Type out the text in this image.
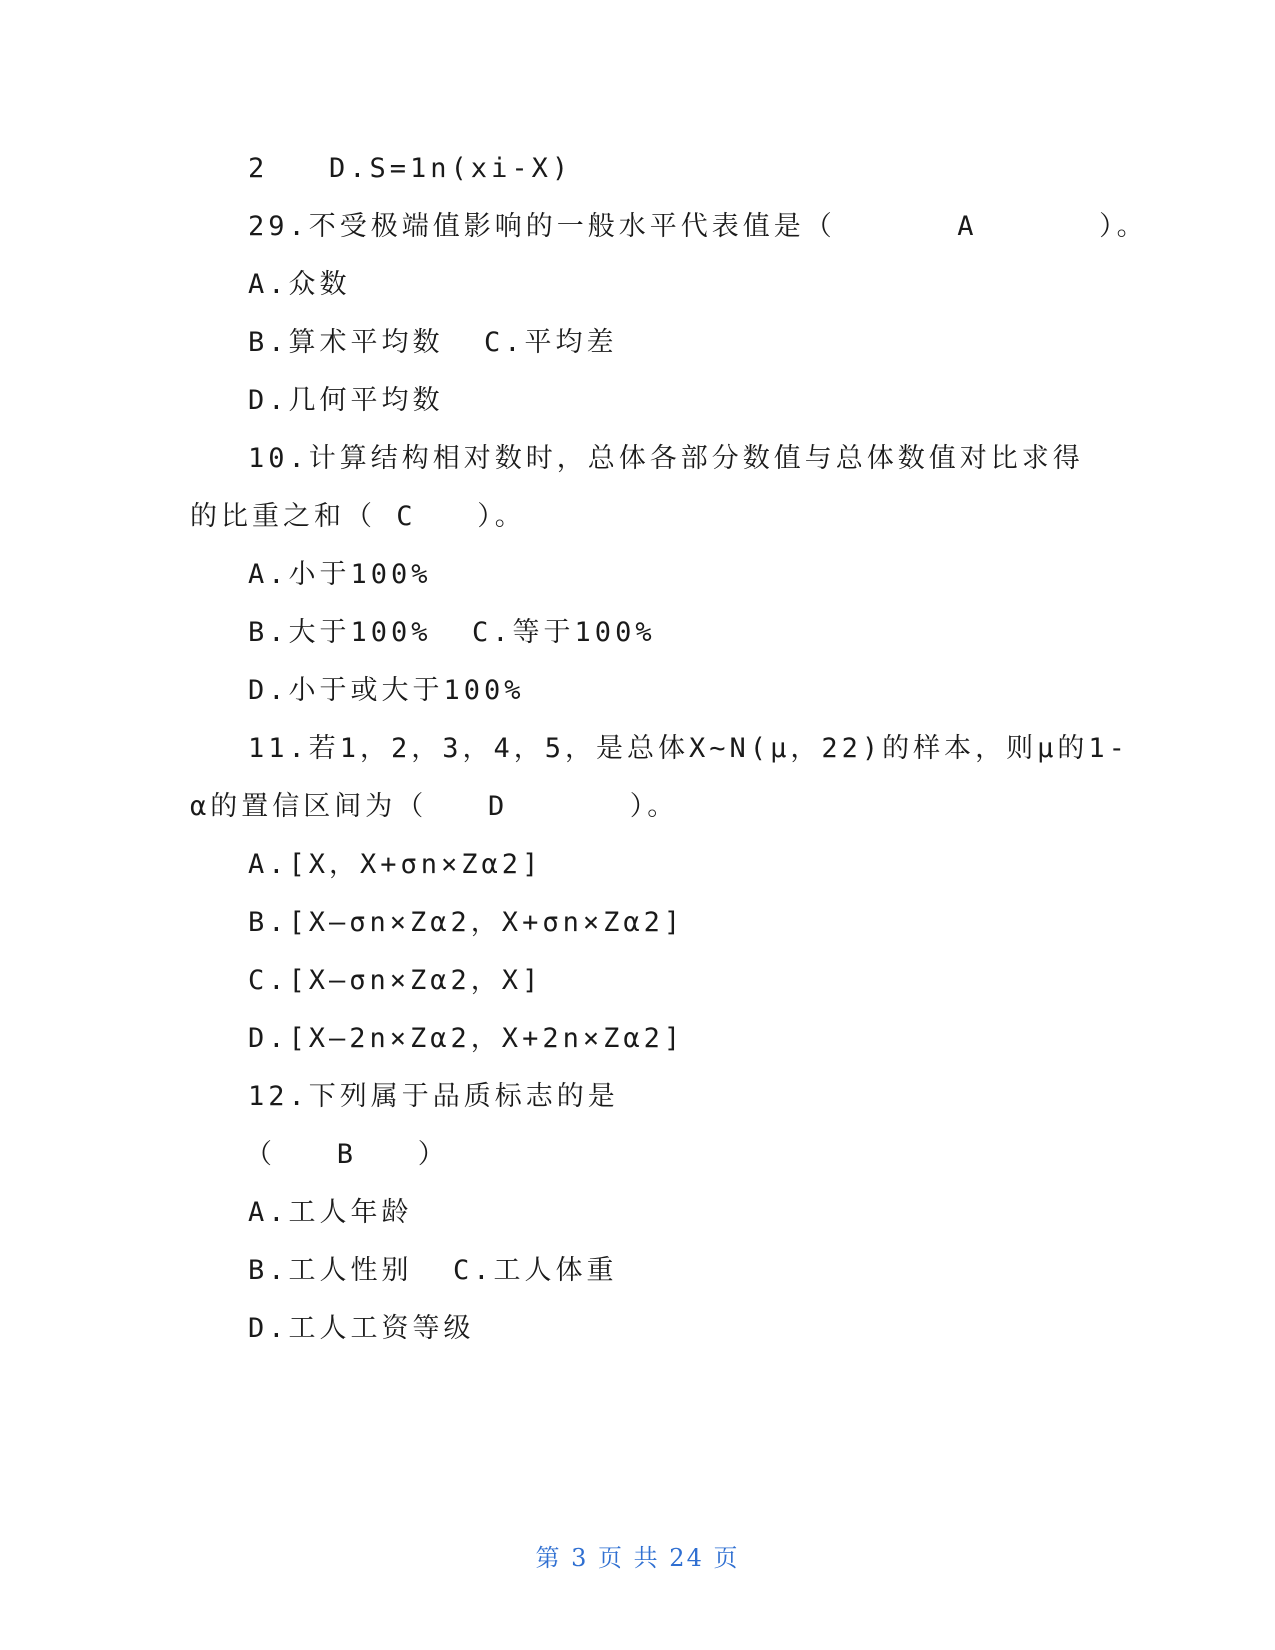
2   D.S=1n(xi-X)
29.不受极端值影响的一般水平代表值是（      A      ）。
A.众数
B.算术平均数  C.平均差
D.几何平均数
10.计算结构相对数时，总体各部分数值与总体数值对比求得
的比重之和（ C   ）。
A.小于100%
B.大于100%  C.等于100%
D.小于或大于100%
11.若1，2，3，4，5，是总体X~N(μ，22)的样本，则μ的1-
α的置信区间为（   D      ）。
A.[X，X+σn×Zα2]
B.[X—σn×Zα2，X+σn×Zα2]
C.[X—σn×Zα2，X]
D.[X—2n×Zα2，X+2n×Zα2]
12.下列属于品质标志的是
（   B   ）
A.工人年龄
B.工人性别  C.工人体重
D.工人工资等级
第 3 页 共 24 页
